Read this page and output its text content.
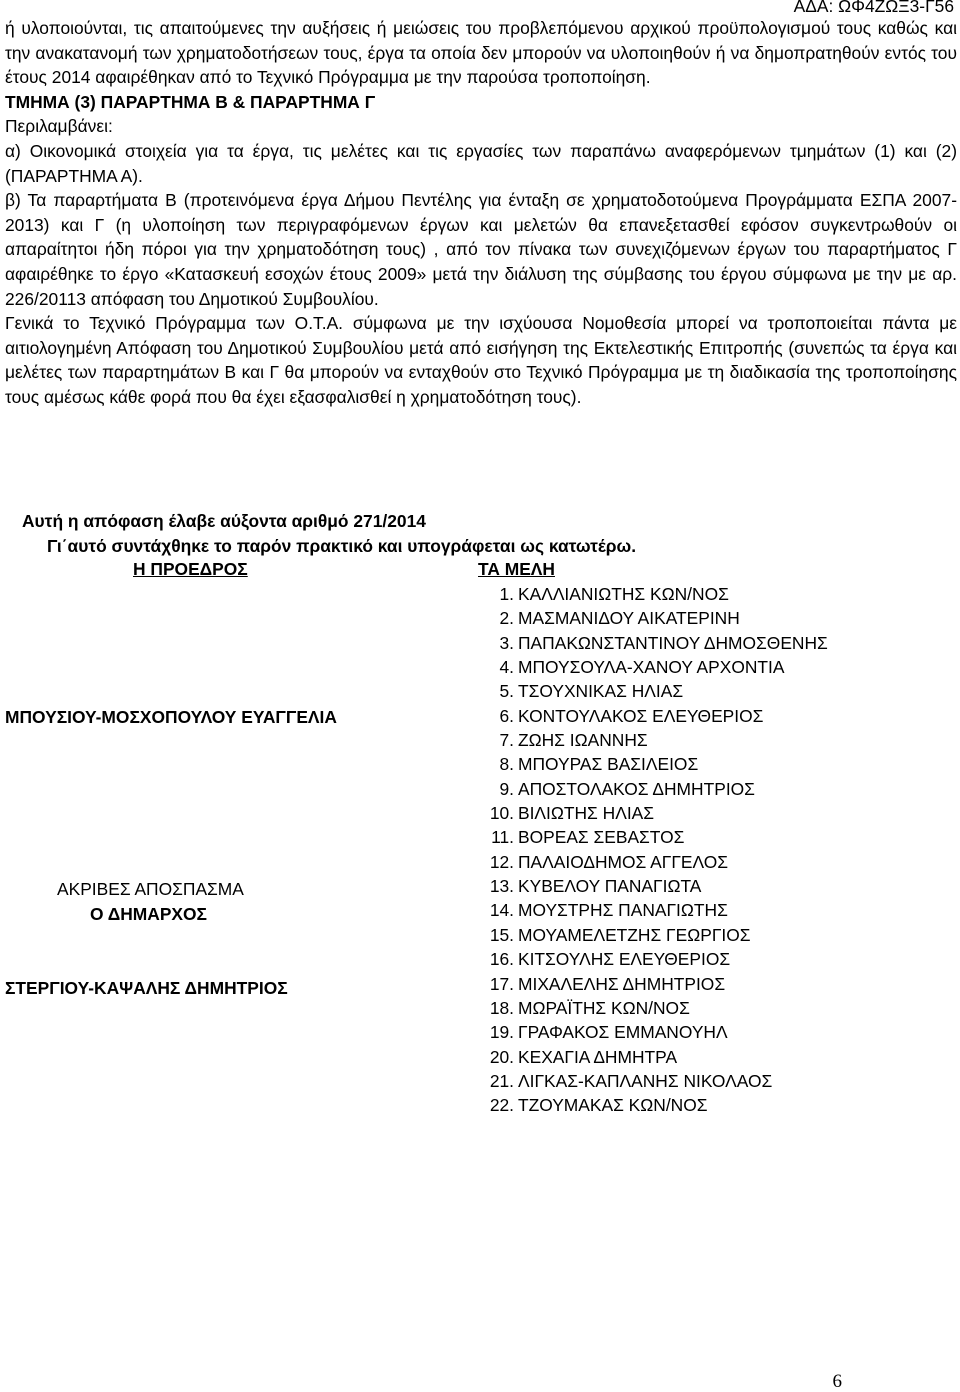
ΑΔΑ: ΩΦ4ΖΩΞ3-Γ56

ή υλοποιούνται, τις απαιτούμενες την αυξήσεις ή μειώσεις του προβλεπόμενου αρχικού προϋπολογισμού τους καθώς και την ανακατανομή των χρηματοδοτήσεων τους, έργα τα οποία δεν μπορούν να υλοποιηθούν ή να δημοπρατηθούν εντός του έτους 2014 αφαιρέθηκαν από το Τεχνικό Πρόγραμμα με την παρούσα τροποποίηση.

ΤΜΗΜΑ (3) ΠΑΡΑΡΤΗΜΑ Β & ΠΑΡΑΡΤΗΜΑ Γ

Περιλαμβάνει:

α) Οικονομικά στοιχεία για τα έργα, τις μελέτες και τις εργασίες των παραπάνω αναφερόμενων τμημάτων (1) και (2) (ΠΑΡΑΡΤΗΜΑ Α).

β) Τα παραρτήματα Β (προτεινόμενα έργα Δήμου Πεντέλης για ένταξη σε χρηματοδοτούμενα Προγράμματα ΕΣΠΑ 2007-2013) και Γ (η υλοποίηση των περιγραφόμενων έργων και μελετών θα επανεξετασθεί εφόσον συγκεντρωθούν οι απαραίτητοι ήδη πόροι για την χρηματοδότηση τους) , από τον πίνακα των συνεχιζόμενων έργων του παραρτήματος Γ αφαιρέθηκε το έργο «Κατασκευή εσοχών έτους 2009» μετά την διάλυση της σύμβασης του έργου σύμφωνα με την με αρ. 226/20113 απόφαση του Δημοτικού Συμβουλίου.

Γενικά το Τεχνικό Πρόγραμμα των Ο.Τ.Α. σύμφωνα με την ισχύουσα Νομοθεσία μπορεί να τροποποιείται πάντα με αιτιολογημένη Απόφαση του Δημοτικού Συμβουλίου μετά από εισήγηση της Εκτελεστικής Επιτροπής (συνεπώς τα έργα και μελέτες των παραρτημάτων Β και Γ θα μπορούν να ενταχθούν στο Τεχνικό Πρόγραμμα με τη διαδικασία της τροποποίησης τους αμέσως κάθε φορά που θα έχει εξασφαλισθεί η χρηματοδότηση τους).

Αυτή η απόφαση έλαβε αύξοντα αριθμό 271/2014
Γι΄αυτό συντάχθηκε το παρόν πρακτικό και υπογράφεται ως κατωτέρω.
Η ΠΡΟΕΔΡΟΣ	ΤΑ ΜΕΛΗ
1. ΚΑΛΛΙΑΝΙΩΤΗΣ ΚΩΝ/ΝΟΣ
2. ΜΑΣΜΑΝΙΔΟΥ ΑΙΚΑΤΕΡΙΝΗ
3. ΠΑΠΑΚΩΝΣΤΑΝΤΙΝΟΥ ΔΗΜΟΣΘΕΝΗΣ
4. ΜΠΟΥΣΟΥΛΑ-ΧΑΝΟΥ ΑΡΧΟΝΤΙΑ
5. ΤΣΟΥΧΝΙΚΑΣ ΗΛΙΑΣ
6. ΚΟΝΤΟΥΛΑΚΟΣ ΕΛΕΥΘΕΡΙΟΣ
7. ΖΩΗΣ ΙΩΑΝΝΗΣ
8. ΜΠΟΥΡΑΣ ΒΑΣΙΛΕΙΟΣ
9. ΑΠΟΣΤΟΛΑΚΟΣ ΔΗΜΗΤΡΙΟΣ
10. ΒΙΛΙΩΤΗΣ ΗΛΙΑΣ
11. ΒΟΡΕΑΣ ΣΕΒΑΣΤΟΣ
12. ΠΑΛΑΙΟΔΗΜΟΣ ΑΓΓΕΛΟΣ
13. ΚΥΒΕΛΟΥ ΠΑΝΑΓΙΩΤΑ
14. ΜΟΥΣΤΡΗΣ ΠΑΝΑΓΙΩΤΗΣ
15. ΜΟΥΑΜΕΛΕΤΖΗΣ ΓΕΩΡΓΙΟΣ
16. ΚΙΤΣΟΥΛΗΣ ΕΛΕΥΘΕΡΙΟΣ
17. ΜΙΧΑΛΕΛΗΣ ΔΗΜΗΤΡΙΟΣ
18. ΜΩΡΑΪΤΗΣ ΚΩΝ/ΝΟΣ
19. ΓΡΑΦΑΚΟΣ ΕΜΜΑΝΟΥΗΛ
20. ΚΕΧΑΓΙΑ ΔΗΜΗΤΡΑ
21. ΛΙΓΚΑΣ-ΚΑΠΛΑΝΗΣ ΝΙΚΟΛΑΟΣ
22. ΤΖΟΥΜΑΚΑΣ ΚΩΝ/ΝΟΣ
ΜΠΟΥΣΙΟΥ-ΜΟΣΧΟΠΟΥΛΟΥ ΕΥΑΓΓΕΛΙΑ
ΑΚΡΙΒΕΣ ΑΠΟΣΠΑΣΜΑ
Ο ΔΗΜΑΡΧΟΣ
ΣΤΕΡΓΙΟΥ-ΚΑΨΑΛΗΣ ΔΗΜΗΤΡΙΟΣ
6
